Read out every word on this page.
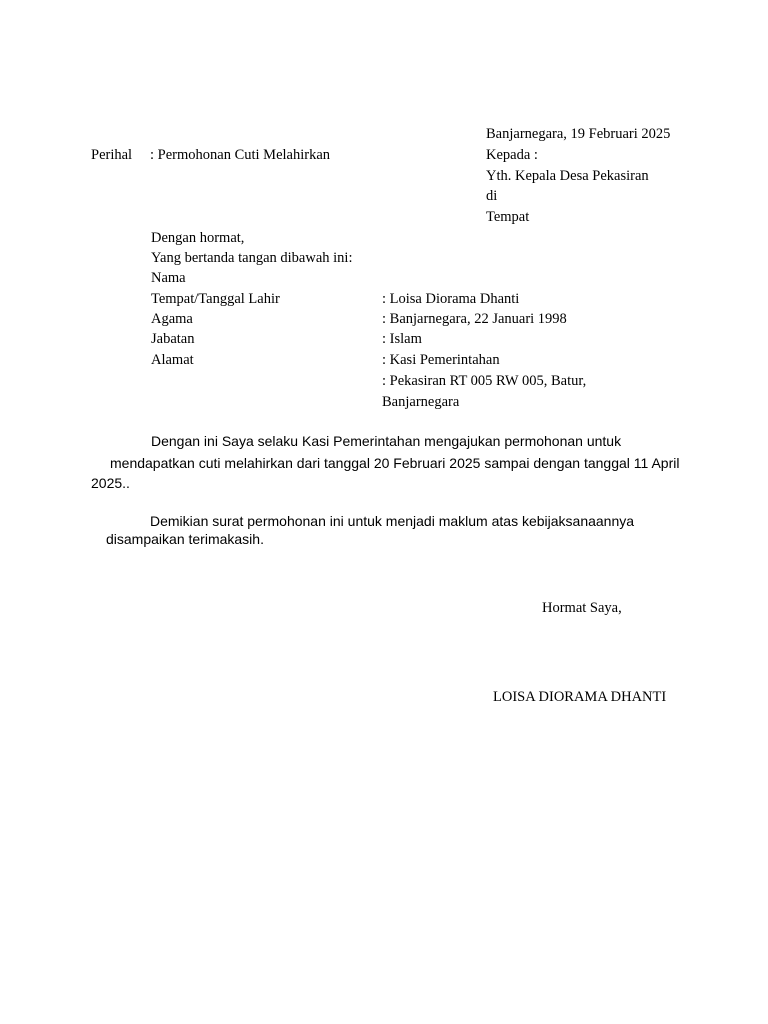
Banjarnegara, 19 Februari 2025
Kepada :
Yth. Kepala Desa Pekasiran
di
Tempat
Perihal : Permohonan Cuti Melahirkan
Dengan hormat,
Yang bertanda tangan dibawah ini:
Nama
Tempat/Tanggal Lahir
Agama
Jabatan
Alamat
: Loisa Diorama Dhanti
: Banjarnegara, 22 Januari 1998
: Islam
: Kasi Pemerintahan
: Pekasiran RT 005 RW 005, Batur,
Banjarnegara
Dengan ini Saya selaku Kasi Pemerintahan mengajukan permohonan untuk
mendapatkan cuti melahirkan dari tanggal 20 Februari 2025 sampai dengan tanggal 11 April
2025..
Demikian surat permohonan ini untuk menjadi maklum atas kebijaksanaannya
disampaikan terimakasih.
Hormat Saya,
LOISA DIORAMA DHANTI
